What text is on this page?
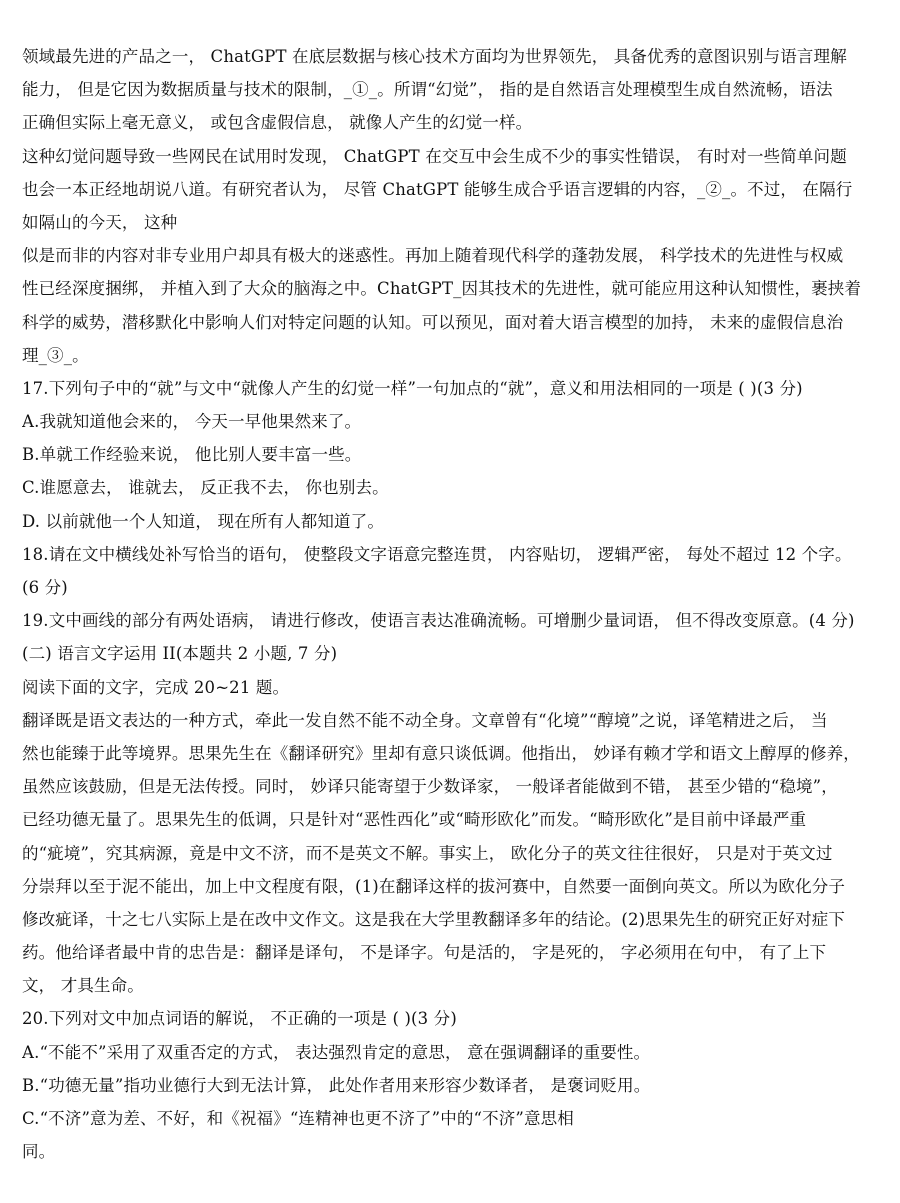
领域最先进的产品之一， ChatGPT 在底层数据与核心技术方面均为世界领先， 具备优秀的意图识别与语言理解
能力， 但是它因为数据质量与技术的限制，_①_。所谓“幻觉”， 指的是自然语言处理模型生成自然流畅，语法
正确但实际上毫无意义， 或包含虚假信息， 就像人产生的幻觉一样。
这种幻觉问题导致一些网民在试用时发现， ChatGPT 在交互中会生成不少的事实性错误， 有时对一些简单问题
也会一本正经地胡说八道。有研究者认为， 尽管 ChatGPT 能够生成合乎语言逻辑的内容，_②_。不过， 在隔行
如隔山的今天， 这种
似是而非的内容对非专业用户却具有极大的迷惑性。再加上随着现代科学的蓬勃发展， 科学技术的先进性与权威
性已经深度捆绑， 并植入到了大众的脑海之中。ChatGPT_因其技术的先进性，就可能应用这种认知惯性，裹挟着
科学的威势，潜移默化中影响人们对特定问题的认知。可以预见，面对着大语言模型的加持， 未来的虚假信息治
理_③_。
17.下列句子中的“就”与文中“就像人产生的幻觉一样”一句加点的“就”，意义和用法相同的一项是 ( )(3 分)
A.我就知道他会来的， 今天一早他果然来了。
B.单就工作经验来说， 他比别人要丰富一些。
C.谁愿意去， 谁就去， 反正我不去， 你也别去。
D. 以前就他一个人知道， 现在所有人都知道了。
18.请在文中横线处补写恰当的语句， 使整段文字语意完整连贯， 内容贴切， 逻辑严密， 每处不超过 12 个字。
(6 分)
19.文中画线的部分有两处语病， 请进行修改，使语言表达准确流畅。可增删少量词语， 但不得改变原意。(4 分)
(二) 语言文字运用 II(本题共 2 小题, 7 分)
阅读下面的文字，完成 20~21 题。
翻译既是语文表达的一种方式，牵此一发自然不能不动全身。文章曾有“化境”“醇境”之说，译笔精进之后， 当
然也能臻于此等境界。思果先生在《翻译研究》里却有意只谈低调。他指出， 妙译有赖才学和语文上醇厚的修养，
虽然应该鼓励，但是无法传授。同时， 妙译只能寄望于少数译家， 一般译者能做到不错， 甚至少错的“稳境”，
已经功德无量了。思果先生的低调，只是针对“恶性西化”或“畸形欧化”而发。“畸形欧化”是目前中译最严重
的“疵境”，究其病源，竟是中文不济，而不是英文不解。事实上， 欧化分子的英文往往很好， 只是对于英文过
分崇拜以至于泥不能出，加上中文程度有限，(1)在翻译这样的拔河赛中，自然要一面倒向英文。所以为欧化分子
修改疵译，十之七八实际上是在改中文作文。这是我在大学里教翻译多年的结论。(2)思果先生的研究正好对症下
药。他给译者最中肯的忠告是：翻译是译句， 不是译字。句是活的， 字是死的， 字必须用在句中， 有了上下
文， 才具生命。
20.下列对文中加点词语的解说， 不正确的一项是 ( )(3 分)
A.“不能不”采用了双重否定的方式， 表达强烈肯定的意思， 意在强调翻译的重要性。
B.“功德无量”指功业德行大到无法计算， 此处作者用来形容少数译者， 是褒词贬用。
C.“不济”意为差、不好，和《祝福》“连精神也更不济了”中的“不济”意思相
同。
